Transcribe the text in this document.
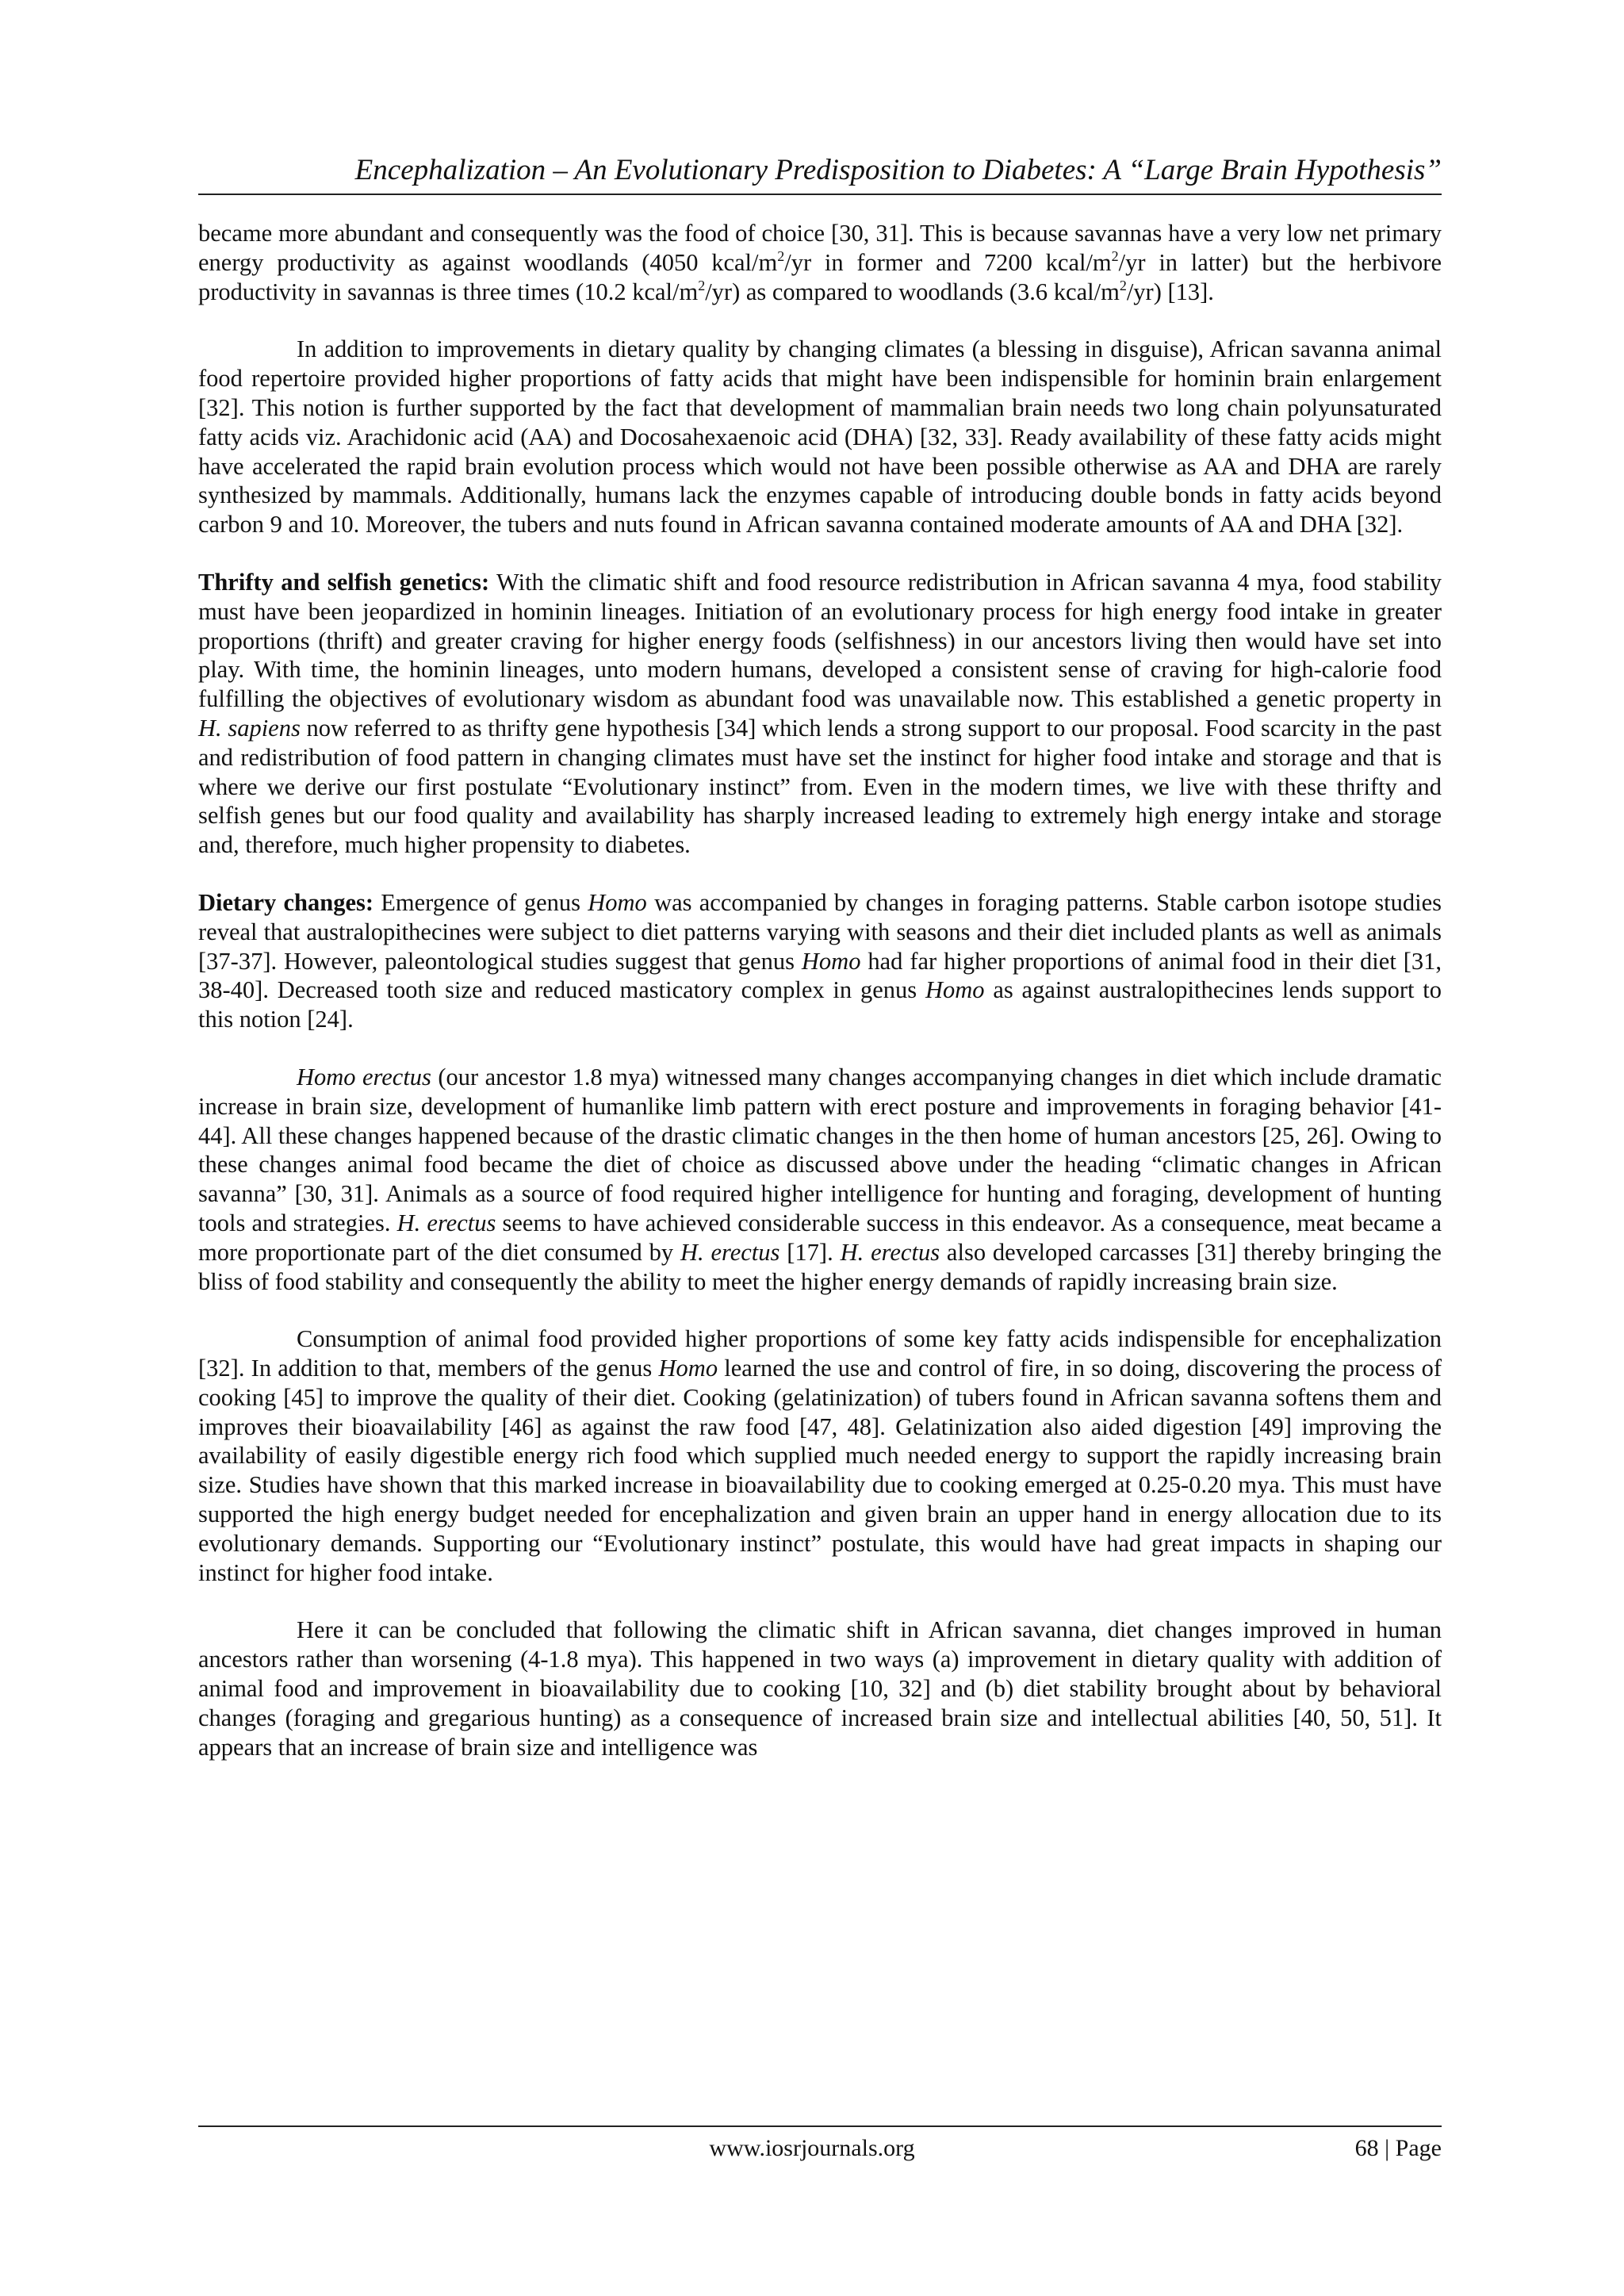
Encephalization – An Evolutionary Predisposition to Diabetes: A “Large Brain Hypothesis”

became more abundant and consequently was the food of choice [30, 31]. This is because savannas have a very low net primary energy productivity as against woodlands (4050 kcal/$m^2/yr$ in former and 7200 kcal/$m^2/yr$ in latter) but the herbivore productivity in savannas is three times (10.2 kcal/$m^2/yr$) as compared to woodlands (3.6 kcal/$m^2/yr$) [13].

In addition to improvements in dietary quality by changing climates (a blessing in disguise), African savanna animal food repertoire provided higher proportions of fatty acids that might have been indispensible for hominin brain enlargement [32]. This notion is further supported by the fact that development of mammalian brain needs two long chain polyunsaturated fatty acids viz. Arachidonic acid (AA) and Docosahexaenoic acid (DHA) [32, 33]. Ready availability of these fatty acids might have accelerated the rapid brain evolution process which would not have been possible otherwise as AA and DHA are rarely synthesized by mammals. Additionally, humans lack the enzymes capable of introducing double bonds in fatty acids beyond carbon 9 and 10. Moreover, the tubers and nuts found in African savanna contained moderate amounts of AA and DHA [32].

Thrifty and selfish genetics: With the climatic shift and food resource redistribution in African savanna 4 mya, food stability must have been jeopardized in hominin lineages. Initiation of an evolutionary process for high energy food intake in greater proportions (thrift) and greater craving for higher energy foods (selfishness) in our ancestors living then would have set into play. With time, the hominin lineages, unto modern humans, developed a consistent sense of craving for high-calorie food fulfilling the objectives of evolutionary wisdom as abundant food was unavailable now. This established a genetic property in H. sapiens now referred to as thrifty gene hypothesis [34] which lends a strong support to our proposal. Food scarcity in the past and redistribution of food pattern in changing climates must have set the instinct for higher food intake and storage and that is where we derive our first postulate “Evolutionary instinct” from. Even in the modern times, we live with these thrifty and selfish genes but our food quality and availability has sharply increased leading to extremely high energy intake and storage and, therefore, much higher propensity to diabetes.

Dietary changes: Emergence of genus Homo was accompanied by changes in foraging patterns. Stable carbon isotope studies reveal that australopithecines were subject to diet patterns varying with seasons and their diet included plants as well as animals [37-37]. However, paleontological studies suggest that genus Homo had far higher proportions of animal food in their diet [31, 38-40]. Decreased tooth size and reduced masticatory complex in genus Homo as against australopithecines lends support to this notion [24].

Homo erectus (our ancestor 1.8 mya) witnessed many changes accompanying changes in diet which include dramatic increase in brain size, development of humanlike limb pattern with erect posture and improvements in foraging behavior [41-44]. All these changes happened because of the drastic climatic changes in the then home of human ancestors [25, 26]. Owing to these changes animal food became the diet of choice as discussed above under the heading “climatic changes in African savanna” [30, 31]. Animals as a source of food required higher intelligence for hunting and foraging, development of hunting tools and strategies. H. erectus seems to have achieved considerable success in this endeavor. As a consequence, meat became a more proportionate part of the diet consumed by H. erectus [17]. H. erectus also developed carcasses [31] thereby bringing the bliss of food stability and consequently the ability to meet the higher energy demands of rapidly increasing brain size.

Consumption of animal food provided higher proportions of some key fatty acids indispensible for encephalization [32]. In addition to that, members of the genus Homo learned the use and control of fire, in so doing, discovering the process of cooking [45] to improve the quality of their diet. Cooking (gelatinization) of tubers found in African savanna softens them and improves their bioavailability [46] as against the raw food [47, 48]. Gelatinization also aided digestion [49] improving the availability of easily digestible energy rich food which supplied much needed energy to support the rapidly increasing brain size. Studies have shown that this marked increase in bioavailability due to cooking emerged at 0.25-0.20 mya. This must have supported the high energy budget needed for encephalization and given brain an upper hand in energy allocation due to its evolutionary demands. Supporting our “Evolutionary instinct” postulate, this would have had great impacts in shaping our instinct for higher food intake.

Here it can be concluded that following the climatic shift in African savanna, diet changes improved in human ancestors rather than worsening (4-1.8 mya). This happened in two ways (a) improvement in dietary quality with addition of animal food and improvement in bioavailability due to cooking [10, 32] and (b) diet stability brought about by behavioral changes (foraging and gregarious hunting) as a consequence of increased brain size and intellectual abilities [40, 50, 51]. It appears that an increase of brain size and intelligence was

www.iosrjournals.org	68 | Page
